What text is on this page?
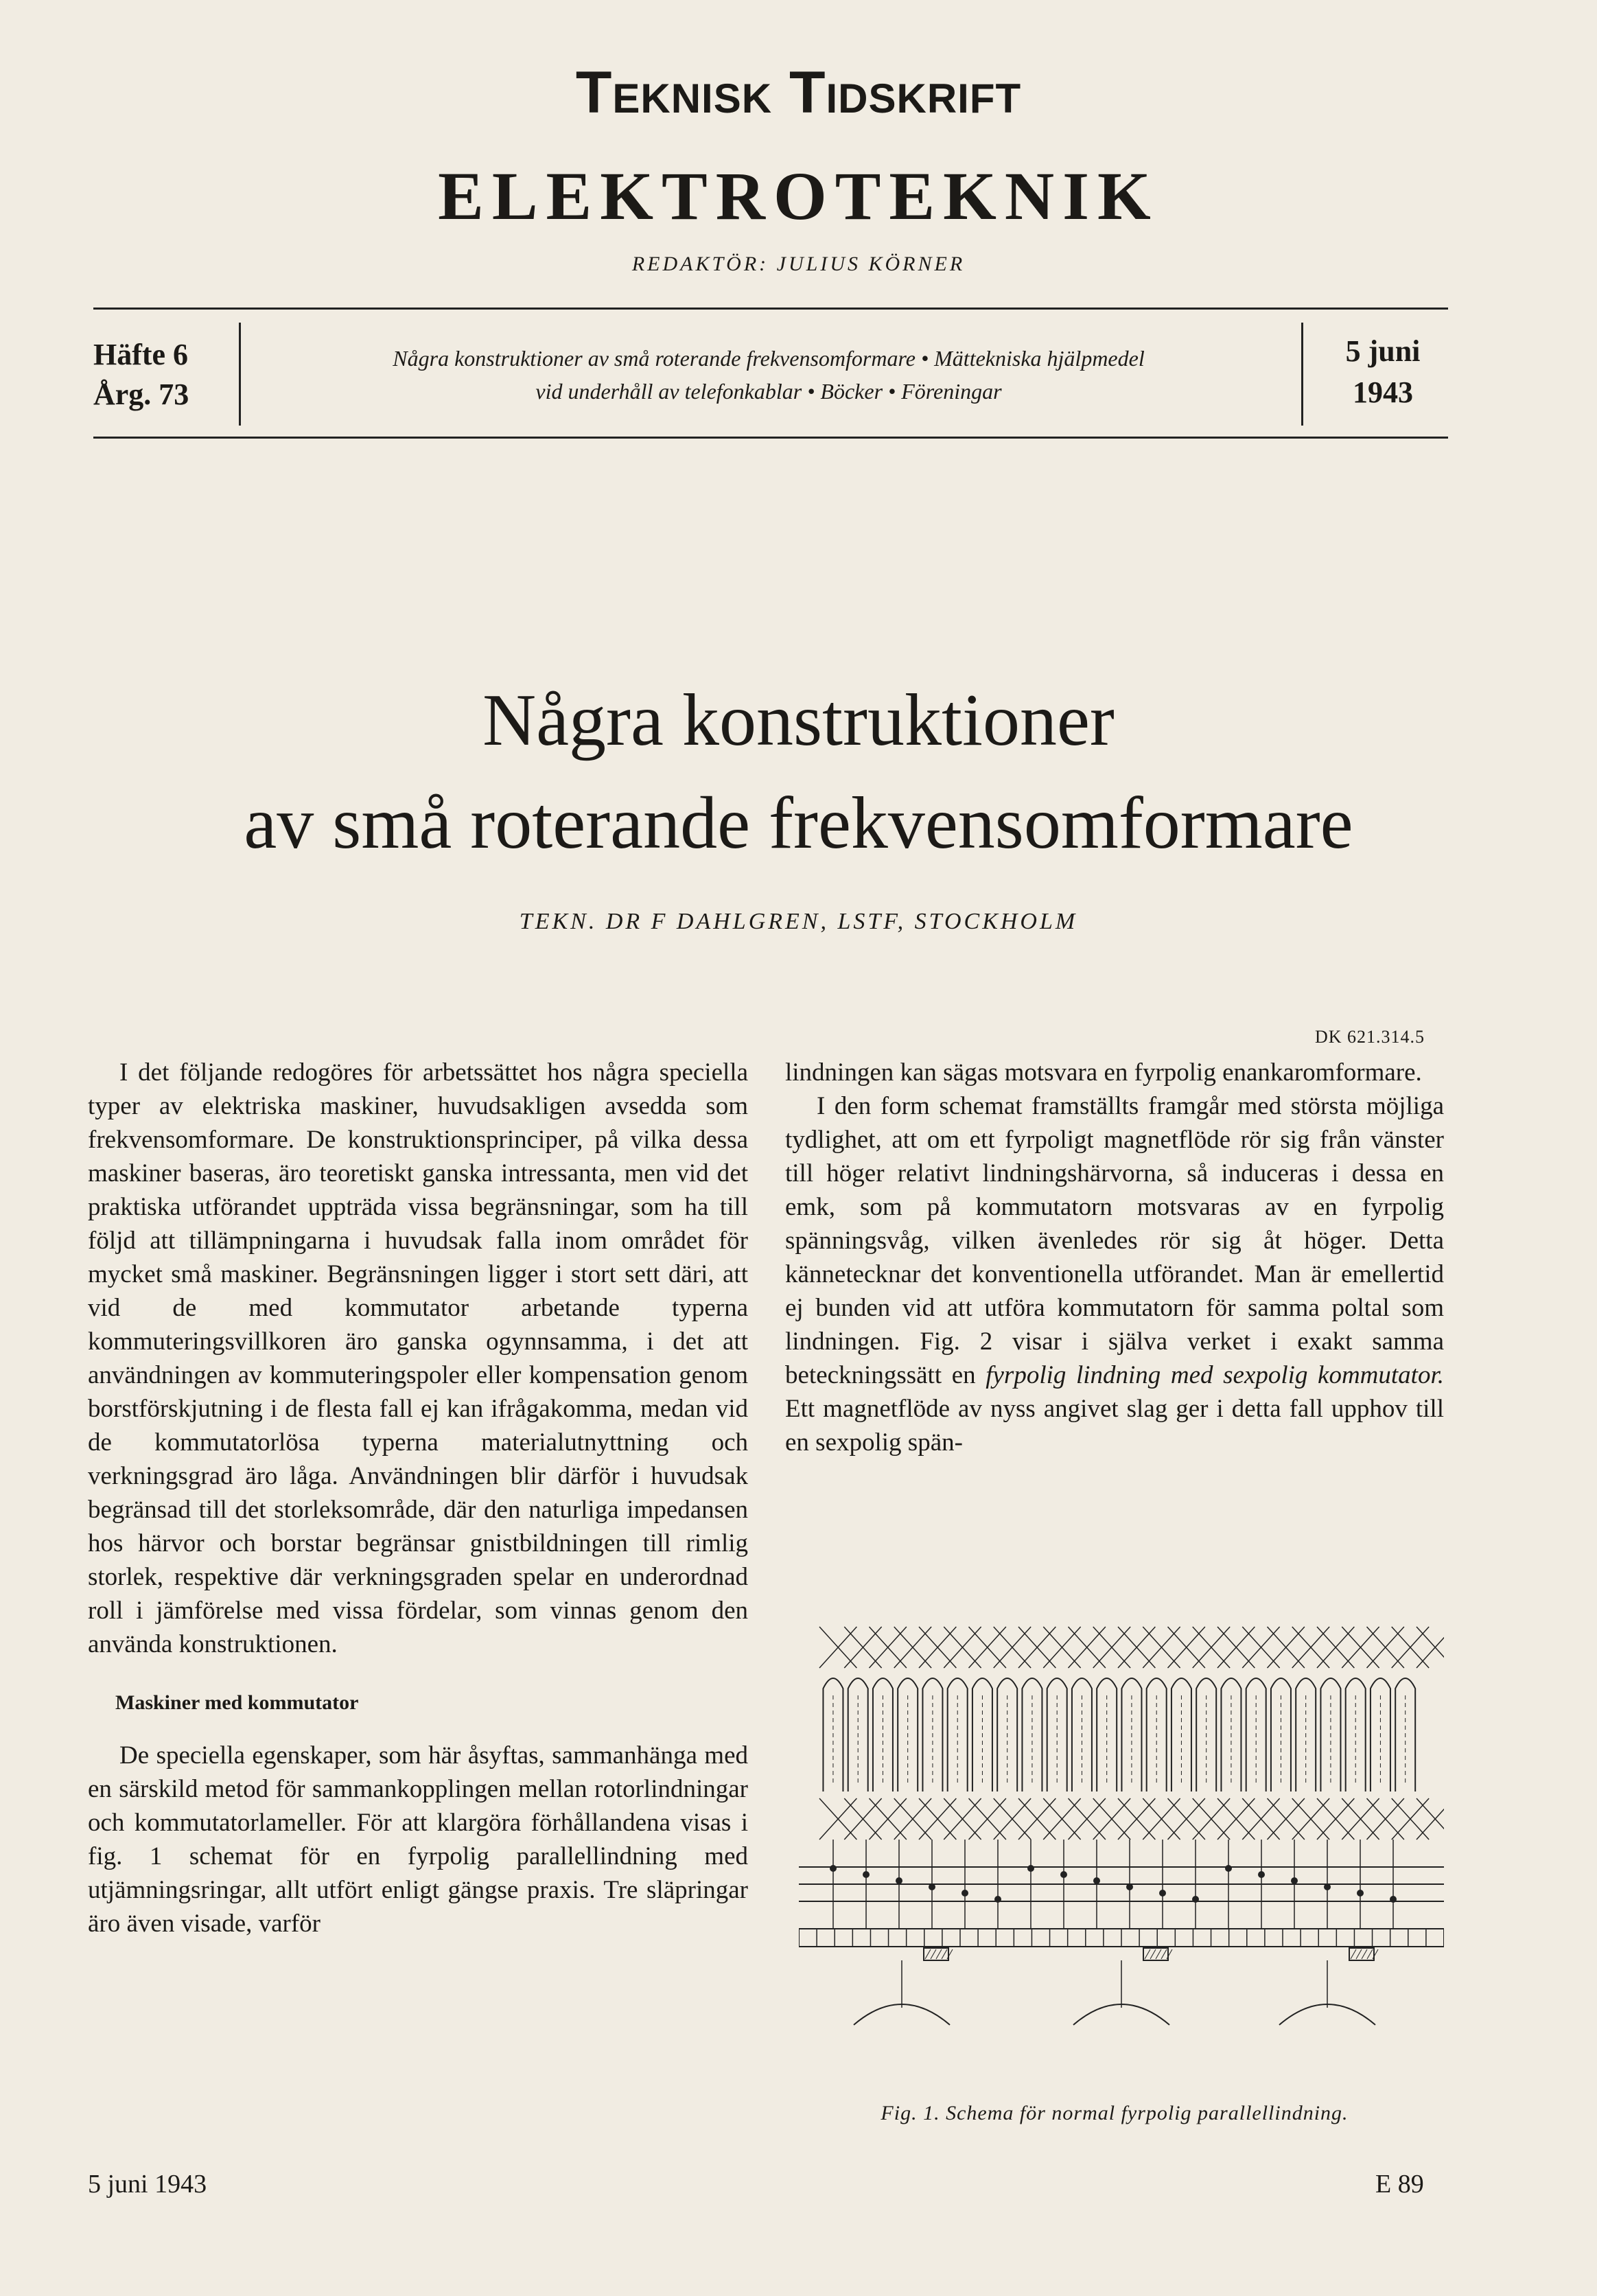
Teknisk Tidskrift
ELEKTROTEKNIK
REDAKTÖR: JULIUS KÖRNER
Häfte 6
Årg. 73
Några konstruktioner av små roterande frekvensomformare • Mättekniska hjälpmedel
vid underhåll av telefonkablar • Böcker • Föreningar
5 juni
1943
Några konstruktioner
av små roterande frekvensomformare
TEKN. DR F DAHLGREN, LSTF, STOCKHOLM
DK 621.314.5

I det följande redogöres för arbetssättet hos några speciella typer av elektriska maskiner, huvudsakligen avsedda som frekvensomformare. De konstruktionsprinciper, på vilka dessa maskiner baseras, äro teoretiskt ganska intressanta, men vid det praktiska utförandet uppträda vissa begränsningar, som ha till följd att tillämpningarna i huvudsak falla inom området för mycket små maskiner. Begränsningen ligger i stort sett däri, att vid de med kommutator arbetande typerna kommuteringsvillkoren äro ganska ogynnsamma, i det att användningen av kommuteringspoler eller kompensation genom borstförskjutning i de flesta fall ej kan ifrågakomma, medan vid de kommutatorlösa typerna materialutnyttning och verkningsgrad äro låga. Användningen blir därför i huvudsak begränsad till det storleksområde, där den naturliga impedansen hos härvor och borstar begränsar gnistbildningen till rimlig storlek, respektive där verkningsgraden spelar en underordnad roll i jämförelse med vissa fördelar, som vinnas genom den använda konstruktionen.

Maskiner med kommutator

De speciella egenskaper, som här åsyftas, sammanhänga med en särskild metod för sammankopplingen mellan rotorlindningar och kommutatorlameller. För att klargöra förhållandena visas i fig. 1 schemat för en fyrpolig parallellindning med utjämningsringar, allt utfört enligt gängse praxis. Tre släpringar äro även visade, varför

lindningen kan sägas motsvara en fyrpolig enankaromformare.

I den form schemat framställts framgår med största möjliga tydlighet, att om ett fyrpoligt magnetflöde rör sig från vänster till höger relativt lindningshärvorna, så induceras i dessa en emk, som på kommutatorn motsvaras av en fyrpolig spänningsvåg, vilken ävenledes rör sig åt höger. Detta kännetecknar det konventionella utförandet. Man är emellertid ej bunden vid att utföra kommutatorn för samma poltal som lindningen. Fig. 2 visar i själva verket i exakt samma beteckningssätt en fyrpolig lindning med sexpolig kommutator. Ett magnetflöde av nyss angivet slag ger i detta fall upphov till en sexpolig spän-

Fig. 1. Schema för normal fyrpolig parallellindning.
5 juni 1943	E 89
